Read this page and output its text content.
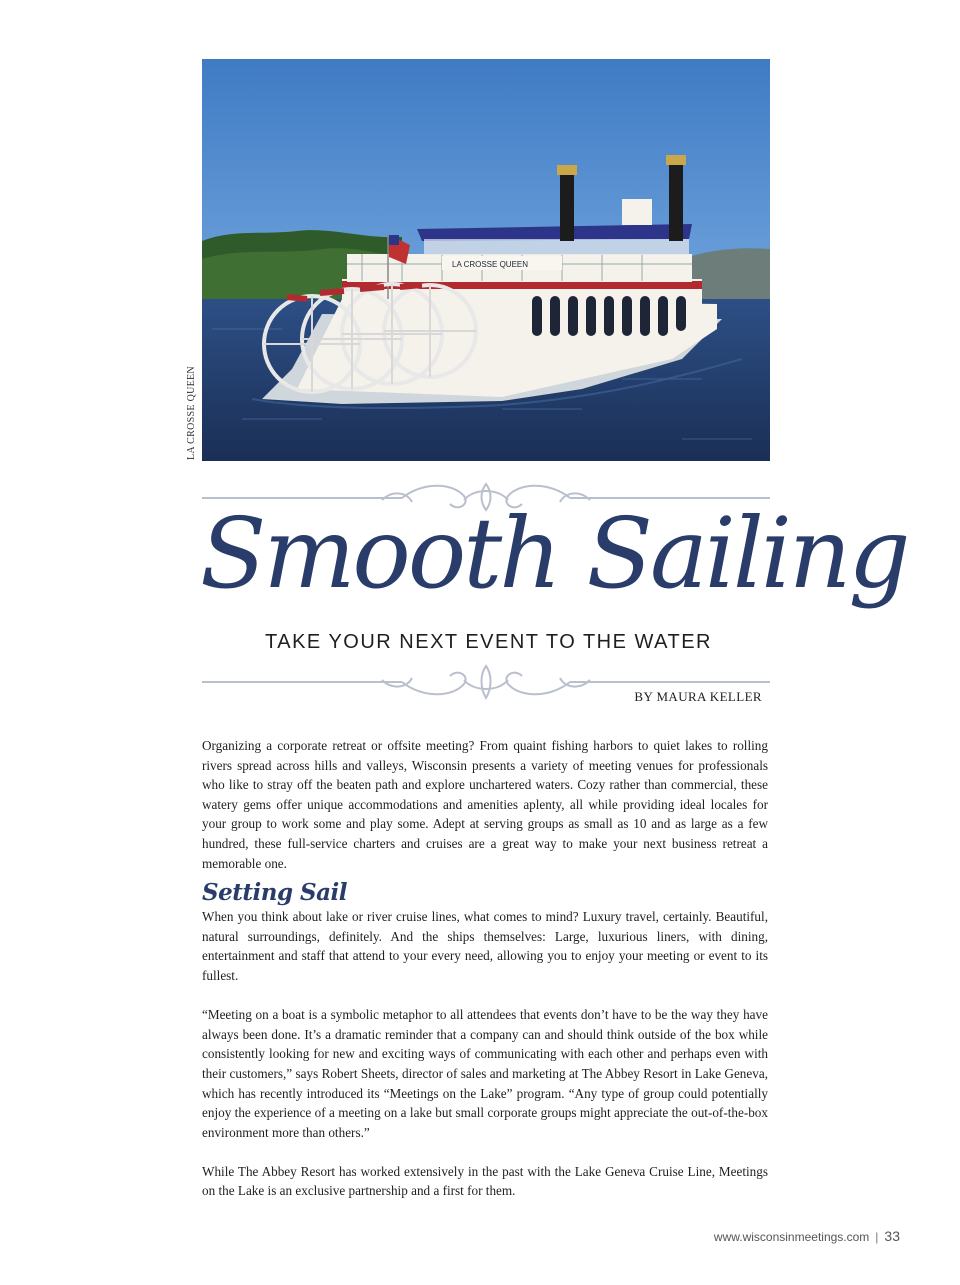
LA CROSSE QUEEN
LA CROSSE QUEEN
Smooth Sailing
TAKE YOUR NEXT EVENT TO THE WATER
BY MAURA KELLER

Organizing a corporate retreat or offsite meeting? From quaint fishing harbors to quiet lakes to rolling rivers spread across hills and valleys, Wisconsin presents a variety of meeting venues for professionals who like to stray off the beaten path and explore unchartered waters. Cozy rather than commercial, these watery gems offer unique accommodations and amenities aplenty, all while providing ideal locales for your group to work some and play some. Adept at serving groups as small as 10 and as large as a few hundred, these full-service charters and cruises are a great way to make your next business retreat a memorable one.

Setting Sail

When you think about lake or river cruise lines, what comes to mind? Luxury travel, certainly. Beautiful, natural surroundings, definitely. And the ships themselves: Large, luxurious liners, with dining, entertainment and staff that attend to your every need, allowing you to enjoy your meeting or event to its fullest.

“Meeting on a boat is a symbolic metaphor to all attendees that events don’t have to be the way they have always been done. It’s a dramatic reminder that a company can and should think outside of the box while consistently looking for new and exciting ways of communicating with each other and perhaps even with their customers,” says Robert Sheets, director of sales and marketing at The Abbey Resort in Lake Geneva, which has recently introduced its “Meetings on the Lake” program. “Any type of group could potentially enjoy the experience of a meeting on a lake but small corporate groups might appreciate the out-of-the-box environment more than others.”

While The Abbey Resort has worked extensively in the past with the Lake Geneva Cruise Line, Meetings on the Lake is an exclusive partnership and a first for them.

www.wisconsinmeetings.com | 33
